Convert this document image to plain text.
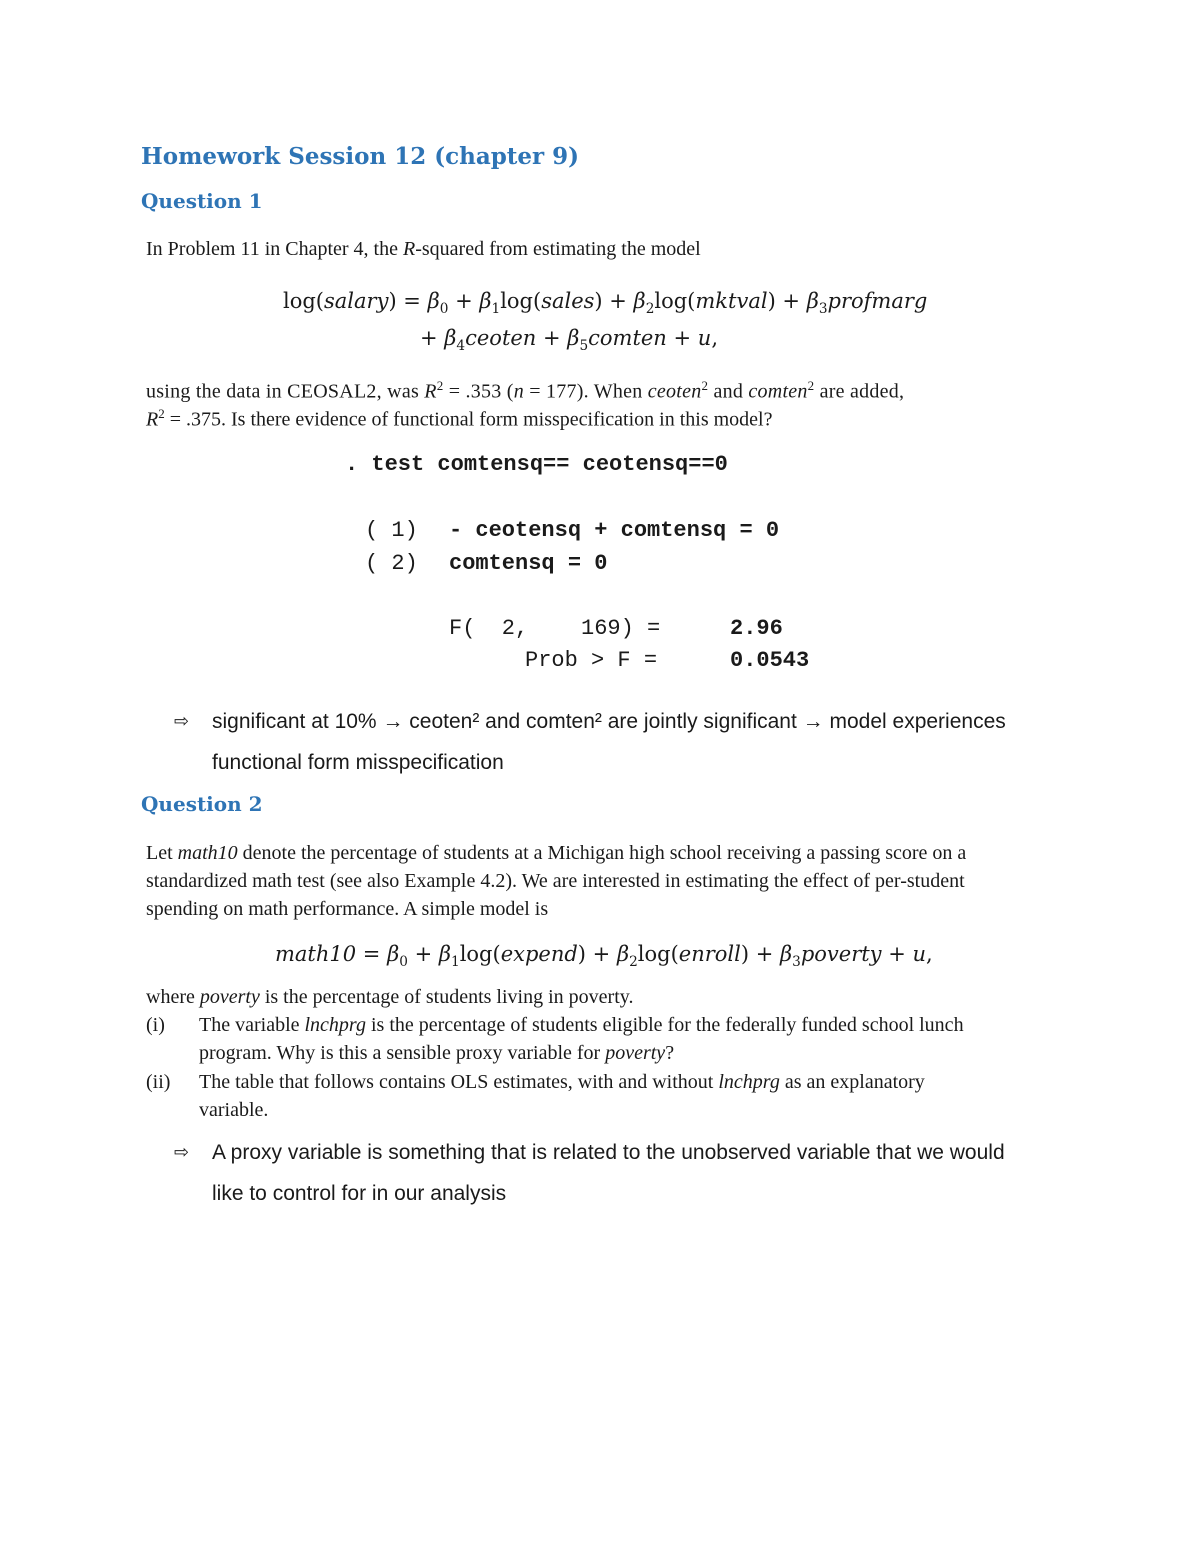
Homework Session 12 (chapter 9)
Question 1
In Problem 11 in Chapter 4, the R-squared from estimating the model
log(salary) = $\beta_0$ + $\beta_1\log(sales)$ + $\beta_2\log(mktval)$ + $\beta_3profmarg$
+ $\beta_4ceoten$ + $\beta_5comten + u$,
using the data in CEOSAL2, was $R^2 = .353$ (n = 177). When ceoten$^2$ and comten$^2$ are added,
$R^2 = .375$. Is there evidence of functional form misspecification in this model?
. test comtensq== ceotensq==0
( 1) - ceotensq + comtensq = 0
( 2) comtensq = 0
F(  2,    169) =	2.96
Prob > F =	0.0543
⇨ significant at 10% → ceoten² and comten² are jointly significant → model experiences
functional form misspecification
Question 2
Let math10 denote the percentage of students at a Michigan high school receiving a passing score on a
standardized math test (see also Example 4.2). We are interested in estimating the effect of per-student
spending on math performance. A simple model is
math10 = $\beta_0$ + $\beta_1\log(expend)$ + $\beta_2\log(enroll)$ + $\beta_3poverty + u$,
where poverty is the percentage of students living in poverty.
(i) The variable lnchprg is the percentage of students eligible for the federally funded school lunch
program. Why is this a sensible proxy variable for poverty?
(ii) The table that follows contains OLS estimates, with and without lnchprg as an explanatory
variable.
⇨ A proxy variable is something that is related to the unobserved variable that we would
like to control for in our analysis
